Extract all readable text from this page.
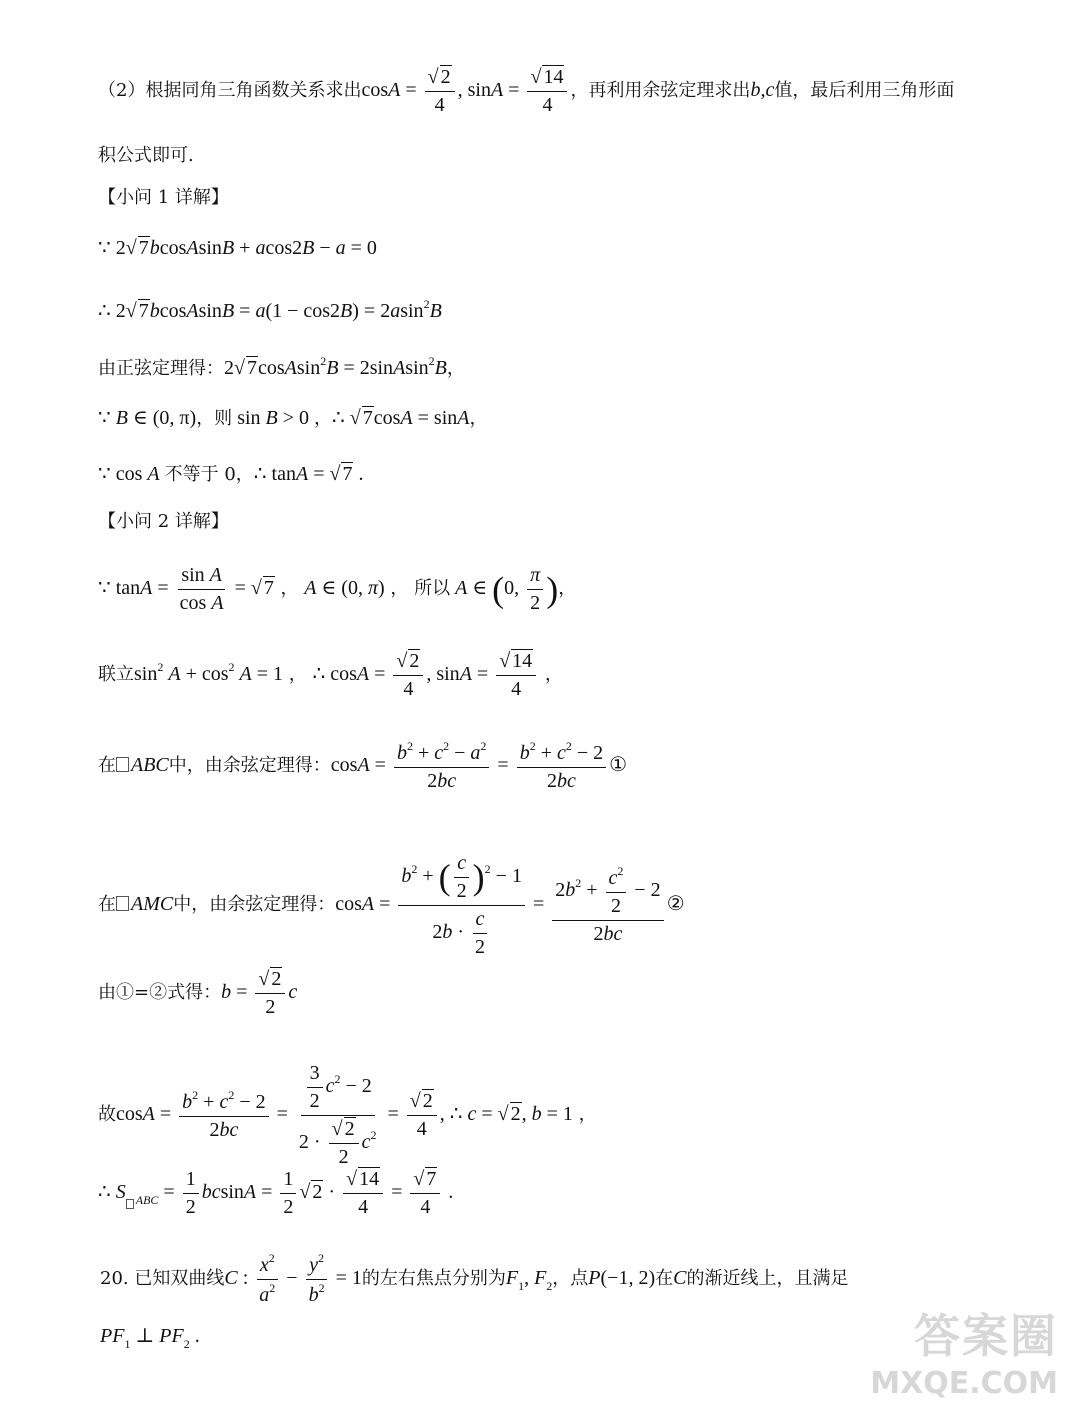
（2）根据同角三角函数关系求出$\cos A = \frac{√ 2}{4}$ , $\sin A = \frac{√ 14}{4}$ ，再利用余弦定理求出b,c值，最后利用三角形面
积公式即可.
【小问 1 详解】
∵ 2√ 7bcosAsinB + acos2B − a = 0
∴ 2√ 7bcosAsinB = a(1 − cos2B) = 2asin$^2$B
由正弦定理得：2√ 7cosAsin$^2$B = 2sinAsin$^2$B，
∵ B ∈ (0, π)，则 sin B > 0 ，∴ √ 7cosA = sinA，
∵ cos A 不等于 0，∴ tanA = √ 7 .
【小问 2 详解】
∵ $\tan A = \frac{\text{sin A}}{\text{cos A}}$ = √ 7 ， A ∈ (0, π) ， 所以 A ∈ (0, $\frac{\pi}{2}$ )，
联立$\sin^2 A + \cos^2 A = 1$ ， ∴ $\cos A = \frac{√ 2}{4}$ , $\sin A = \frac{√ 14}{4}$ ，
在 ABC中，由余弦定理得：$\cos A = \frac{b^2 + c^2 - a^2}{2bc} = \frac{b^2 + c^2 - 2}{2bc}$ ①
在 AMC中，由余弦定理得：$\cos A = \frac{b^2 + ( \frac{c}{2} )^2 - 1}{2b \cdot \frac{c}{2}} = \frac{2b^2 + \frac{c^2}{2} - 2}{2bc}$ ②
由①=②式得：$b = \frac{√ 2}{2}$ c
故$\cos A = \frac{b^2 + c^2 - 2}{2bc} = \frac{\frac{3}{2} c^2 - 2}{2 \cdot \frac{√ 2}{2} c^2} = \frac{√ 2}{4}$ , ∴ c = √ 2, b = 1 ，
∴ S $_{ABC} = \frac{1}{2}$ $bcsinA = \frac{1}{2}$ √ $2 \cdot \frac{√ 14}{4} = \frac{√ 7}{4}$ .
20. 已知双曲线C : $\frac{x^2}{a^2} - \frac{y^2}{b^2} = 1$的左右焦点分别为$F_1$, $F_2$，点P(−1, 2)在C的渐近线上，且满足
$PF_1$ ⊥ $PF_2$ .	答案圈
MXQE.COM
